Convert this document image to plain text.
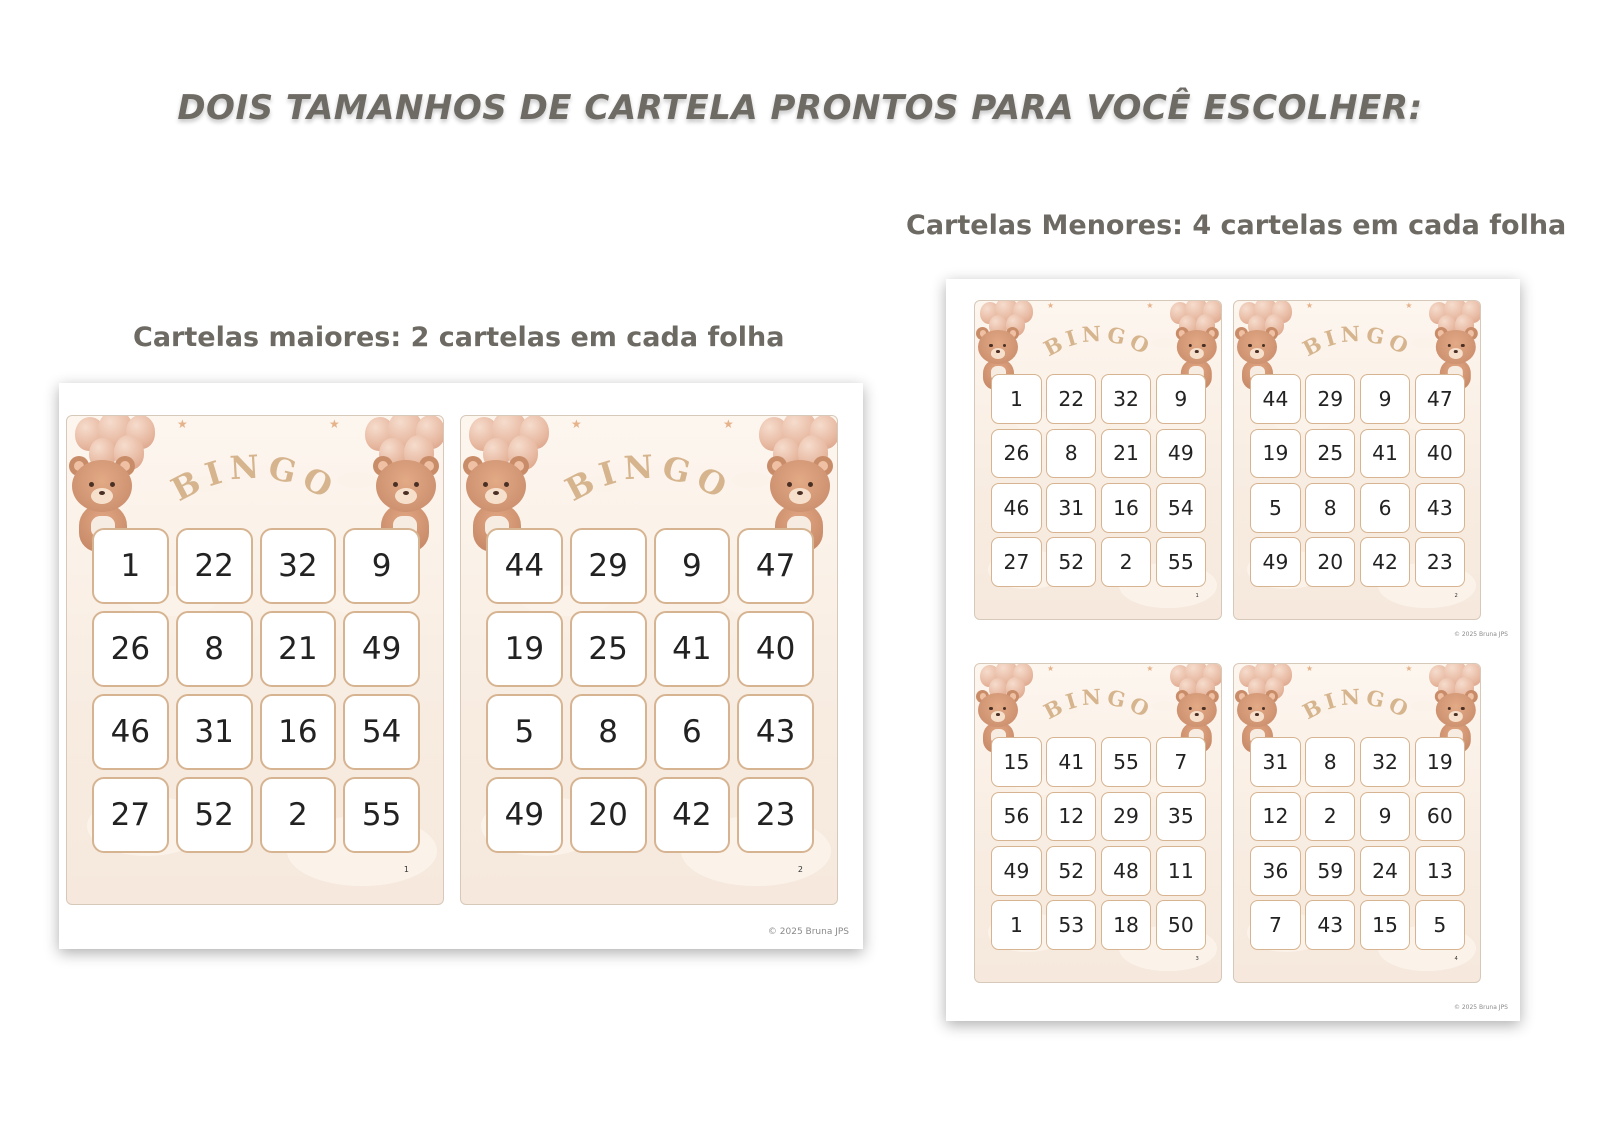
DOIS TAMANHOS DE CARTELA PRONTOS PARA VOCÊ ESCOLHER:
Cartelas Menores: 4 cartelas em cada folha
Cartelas maiores: 2 cartelas em cada folha
© 2025 Bruna JPS
★	★
BINGO
1	22	32	9
26	8	21	49
46	31	16	54
27	52	2	55
1
★	★
BINGO
44	29	9	47
19	25	41	40
5	8	6	43
49	20	42	23
2
© 2025 Bruna JPS
© 2025 Bruna JPS
★	★
BINGO
1	22	32	9
26	8	21	49
46	31	16	54
27	52	2	55
1
★	★
BINGO
44	29	9	47
19	25	41	40
5	8	6	43
49	20	42	23
2
★	★
BINGO
15	41	55	7
56	12	29	35
49	52	48	11
1	53	18	50
3
★	★
BINGO
31	8	32	19
12	2	9	60
36	59	24	13
7	43	15	5
4
